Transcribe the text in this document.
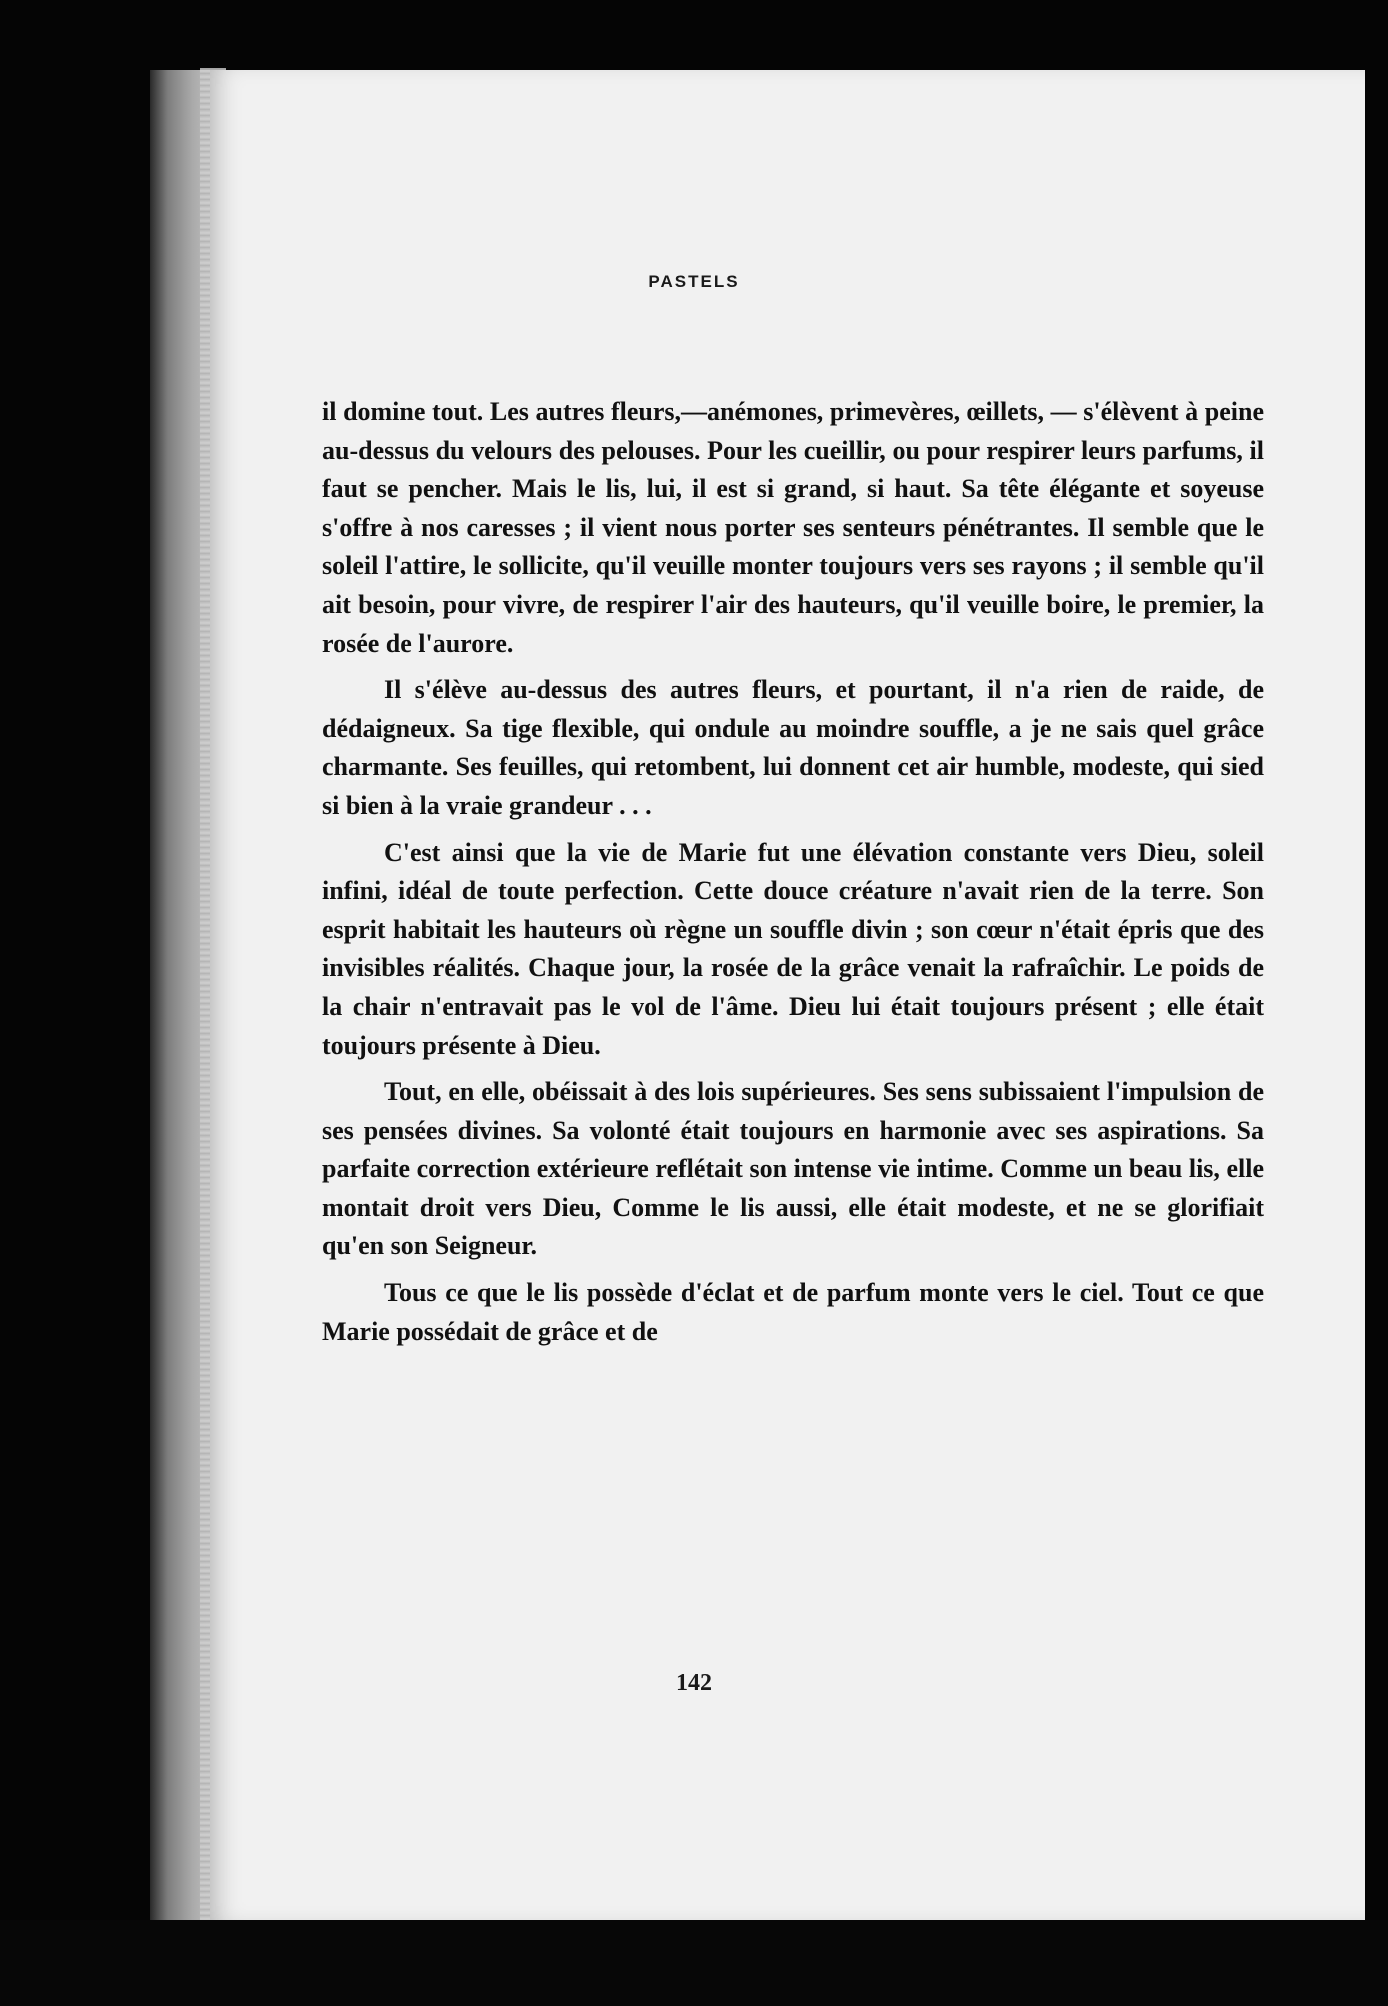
PASTELS

il domine tout. Les autres fleurs,—anémones, primevères, œillets, — s'élèvent à peine au-dessus du velours des pelouses. Pour les cueillir, ou pour respirer leurs parfums, il faut se pencher. Mais le lis, lui, il est si grand, si haut. Sa tête élégante et soyeuse s'offre à nos caresses ; il vient nous porter ses senteurs pénétrantes. Il semble que le soleil l'attire, le sollicite, qu'il veuille monter toujours vers ses rayons ; il semble qu'il ait besoin, pour vivre, de respirer l'air des hauteurs, qu'il veuille boire, le premier, la rosée de l'aurore.

Il s'élève au-dessus des autres fleurs, et pourtant, il n'a rien de raide, de dédaigneux. Sa tige flexible, qui ondule au moindre souffle, a je ne sais quel grâce charmante. Ses feuilles, qui retombent, lui donnent cet air humble, modeste, qui sied si bien à la vraie grandeur . . .

C'est ainsi que la vie de Marie fut une élévation constante vers Dieu, soleil infini, idéal de toute perfection. Cette douce créature n'avait rien de la terre. Son esprit habitait les hauteurs où règne un souffle divin ; son cœur n'était épris que des invisibles réalités. Chaque jour, la rosée de la grâce venait la rafraîchir. Le poids de la chair n'entravait pas le vol de l'âme. Dieu lui était toujours présent ; elle était toujours présente à Dieu.

Tout, en elle, obéissait à des lois supérieures. Ses sens subissaient l'impulsion de ses pensées divines. Sa volonté était toujours en harmonie avec ses aspirations. Sa parfaite correction extérieure reflétait son intense vie intime. Comme un beau lis, elle montait droit vers Dieu, Comme le lis aussi, elle était modeste, et ne se glorifiait qu'en son Seigneur.

Tous ce que le lis possède d'éclat et de parfum monte vers le ciel. Tout ce que Marie possédait de grâce et de

142
